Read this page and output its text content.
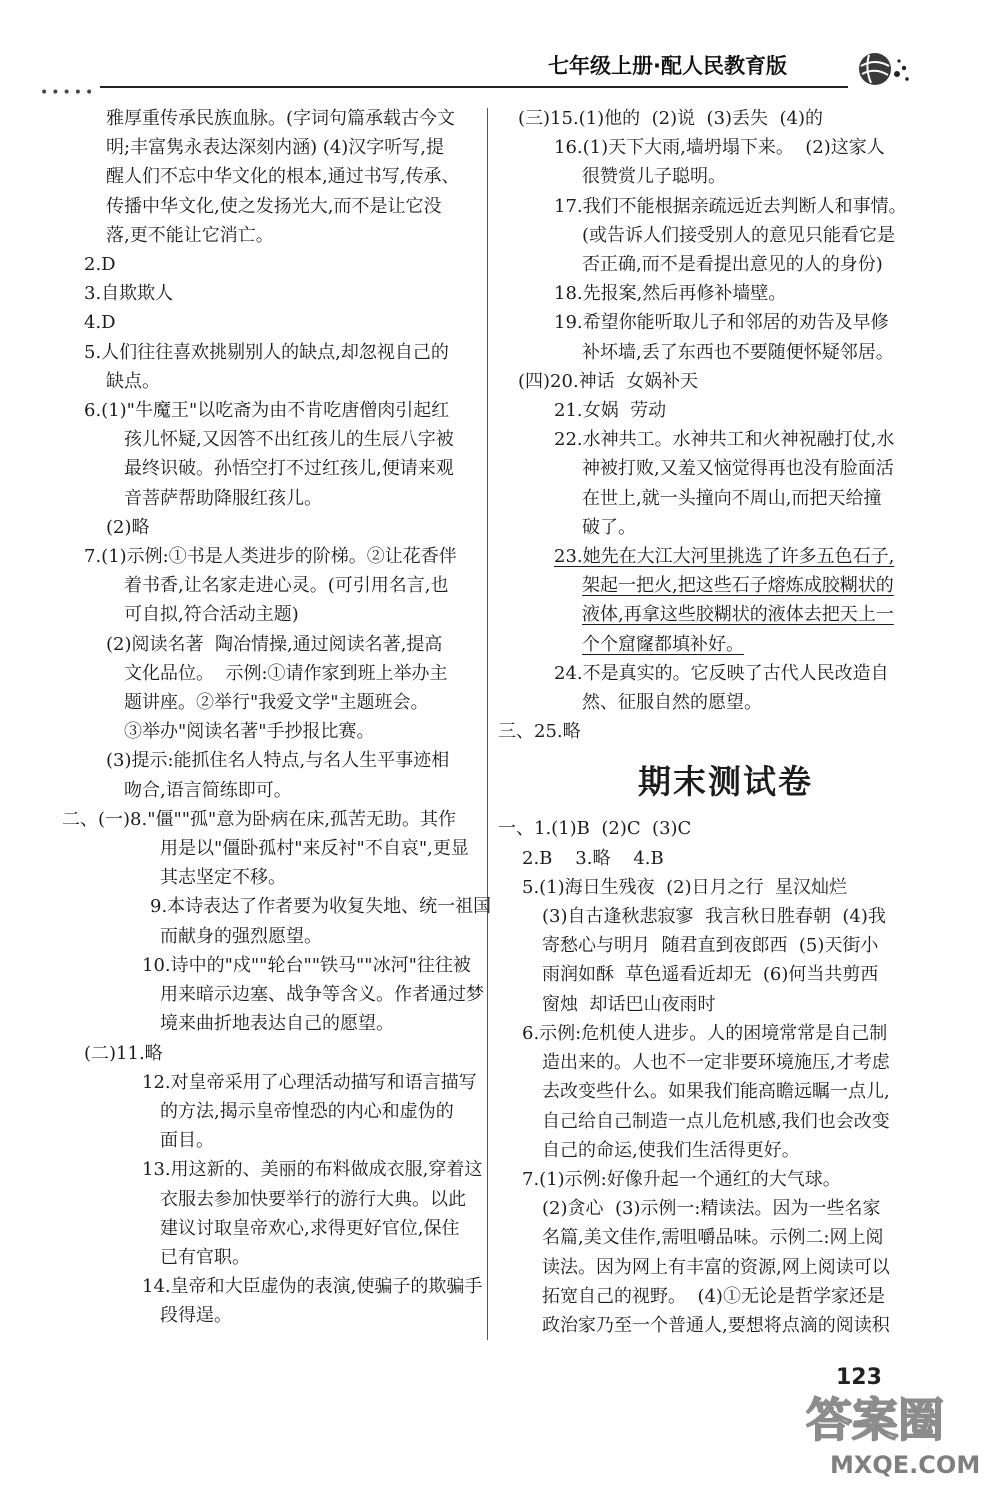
•••••
七年级上册·配人民教育版
雅厚重传承民族血脉。(字词句篇承载古今文
明;丰富隽永表达深刻内涵) (4)汉字听写,提
醒人们不忘中华文化的根本,通过书写,传承、
传播中华文化,使之发扬光大,而不是让它没
落,更不能让它消亡。
2.D
3.自欺欺人
4.D
5.人们往往喜欢挑剔别人的缺点,却忽视自己的
缺点。
6.(1)"牛魔王"以吃斋为由不肯吃唐僧肉引起红
孩儿怀疑,又因答不出红孩儿的生辰八字被
最终识破。孙悟空打不过红孩儿,便请来观
音菩萨帮助降服红孩儿。
(2)略
7.(1)示例:①书是人类进步的阶梯。②让花香伴
着书香,让名家走进心灵。(可引用名言,也
可自拟,符合活动主题)
(2)阅读名著  陶冶情操,通过阅读名著,提高
文化品位。  示例:①请作家到班上举办主
题讲座。②举行"我爱文学"主题班会。
③举办"阅读名著"手抄报比赛。
(3)提示:能抓住名人特点,与名人生平事迹相
吻合,语言简练即可。
二、(一)8."僵""孤"意为卧病在床,孤苦无助。其作
用是以"僵卧孤村"来反衬"不自哀",更显
其志坚定不移。
9.本诗表达了作者要为收复失地、统一祖国
而献身的强烈愿望。
10.诗中的"戍""轮台""铁马""冰河"往往被
用来暗示边塞、战争等含义。作者通过梦
境来曲折地表达自己的愿望。
(二)11.略
12.对皇帝采用了心理活动描写和语言描写
的方法,揭示皇帝惶恐的内心和虚伪的
面目。
13.用这新的、美丽的布料做成衣服,穿着这
衣服去参加快要举行的游行大典。以此
建议讨取皇帝欢心,求得更好官位,保住
已有官职。
14.皇帝和大臣虚伪的表演,使骗子的欺骗手
段得逞。
(三)15.(1)他的  (2)说  (3)丢失  (4)的
16.(1)天下大雨,墙坍塌下来。  (2)这家人
很赞赏儿子聪明。
17.我们不能根据亲疏远近去判断人和事情。
(或告诉人们接受别人的意见只能看它是
否正确,而不是看提出意见的人的身份)
18.先报案,然后再修补墙壁。
19.希望你能听取儿子和邻居的劝告及早修
补坏墙,丢了东西也不要随便怀疑邻居。
(四)20.神话  女娲补天
21.女娲  劳动
22.水神共工。水神共工和火神祝融打仗,水
神被打败,又羞又恼觉得再也没有脸面活
在世上,就一头撞向不周山,而把天给撞
破了。
23.她先在大江大河里挑选了许多五色石子,
架起一把火,把这些石子熔炼成胶糊状的
液体,再拿这些胶糊状的液体去把天上一
个个窟窿都填补好。
24.不是真实的。它反映了古代人民改造自
然、征服自然的愿望。
三、25.略
期末测试卷
一、1.(1)B  (2)C  (3)C
2.B    3.略    4.B
5.(1)海日生残夜  (2)日月之行  星汉灿烂
(3)自古逢秋悲寂寥  我言秋日胜春朝  (4)我
寄愁心与明月  随君直到夜郎西  (5)天街小
雨润如酥  草色遥看近却无  (6)何当共剪西
窗烛  却话巴山夜雨时
6.示例:危机使人进步。人的困境常常是自己制
造出来的。人也不一定非要环境施压,才考虑
去改变些什么。如果我们能高瞻远瞩一点儿,
自己给自己制造一点儿危机感,我们也会改变
自己的命运,使我们生活得更好。
7.(1)示例:好像升起一个通红的大气球。
(2)贪心  (3)示例一:精读法。因为一些名家
名篇,美文佳作,需咀嚼品味。示例二:网上阅
读法。因为网上有丰富的资源,网上阅读可以
拓宽自己的视野。  (4)①无论是哲学家还是
政治家乃至一个普通人,要想将点滴的阅读积
123
答案圈
MXQE.COM
